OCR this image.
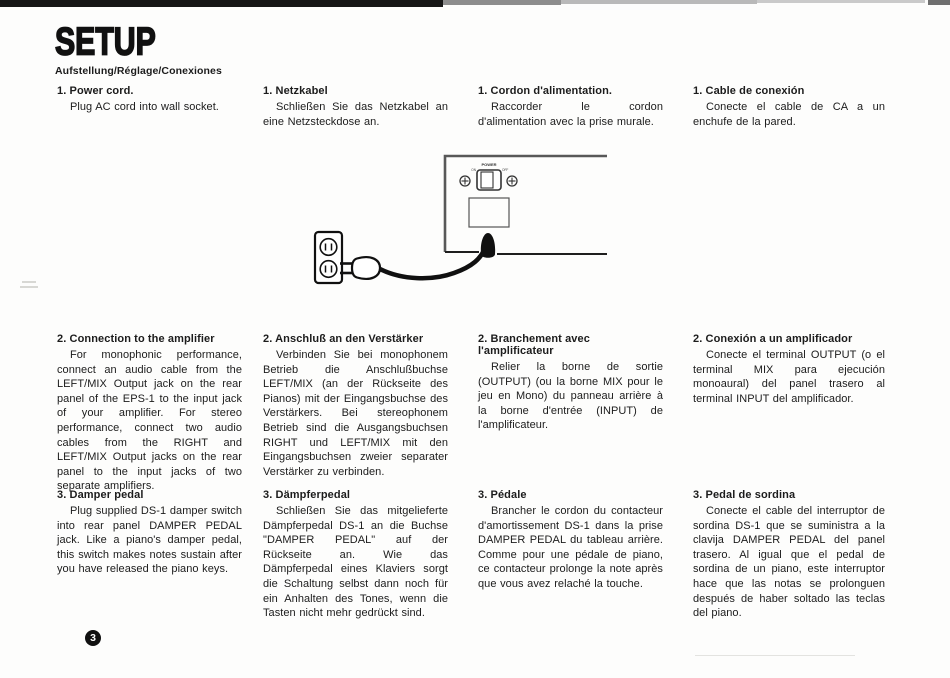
SETUP
Aufstellung/Réglage/Conexiones

1. Power cord.

Plug AC cord into wall socket.

1. Netzkabel

Schließen Sie das Netzkabel an eine Netzsteckdose an.

1. Cordon d'alimentation.

Raccorder le cordon d'alimentation avec la prise murale.

1. Cable de conexión

Conecte el cable de CA a un enchufe de la pared.

POWER
ON	OFF

2. Connection to the amplifier

For monophonic performance, connect an audio cable from the LEFT/MIX Output jack on the rear panel of the EPS-1 to the input jack of your amplifier. For stereo performance, connect two audio cables from the RIGHT and LEFT/MIX Output jacks on the rear panel to the input jacks of two separate amplifiers.

2. Anschluß an den Verstärker

Verbinden Sie bei monophonem Betrieb die Anschlußbuchse LEFT/MIX (an der Rückseite des Pianos) mit der Eingangsbuchse des Verstärkers. Bei stereophonem Betrieb sind die Ausgangsbuchsen RIGHT und LEFT/MIX mit den Eingangsbuchsen zweier separater Verstärker zu verbinden.

2. Branchement avec l'amplificateur

Relier la borne de sortie (OUTPUT) (ou la borne MIX pour le jeu en Mono) du panneau arrière à la borne d'entrée (INPUT) de l'amplificateur.

2. Conexión a un amplificador

Conecte el terminal OUTPUT (o el terminal MIX para ejecución monoaural) del panel trasero al terminal INPUT del amplificador.

3. Damper pedal

Plug supplied DS-1 damper switch into rear panel DAMPER PEDAL jack. Like a piano's damper pedal, this switch makes notes sustain after you have released the piano keys.

3. Dämpferpedal

Schließen Sie das mitgelieferte Dämpferpedal DS-1 an die Buchse "DAMPER PEDAL" auf der Rückseite an. Wie das Dämpferpedal eines Klaviers sorgt die Schaltung selbst dann noch für ein Anhalten des Tones, wenn die Tasten nicht mehr gedrückt sind.

3. Pédale

Brancher le cordon du contacteur d'amortissement DS-1 dans la prise DAMPER PEDAL du tableau arrière. Comme pour une pédale de piano, ce contacteur prolonge la note après que vous avez relaché la touche.

3. Pedal de sordina

Conecte el cable del interruptor de sordina DS-1 que se suministra a la clavija DAMPER PEDAL del panel trasero. Al igual que el pedal de sordina de un piano, este interruptor hace que las notas se prolonguen después de haber soltado las teclas del piano.

3
